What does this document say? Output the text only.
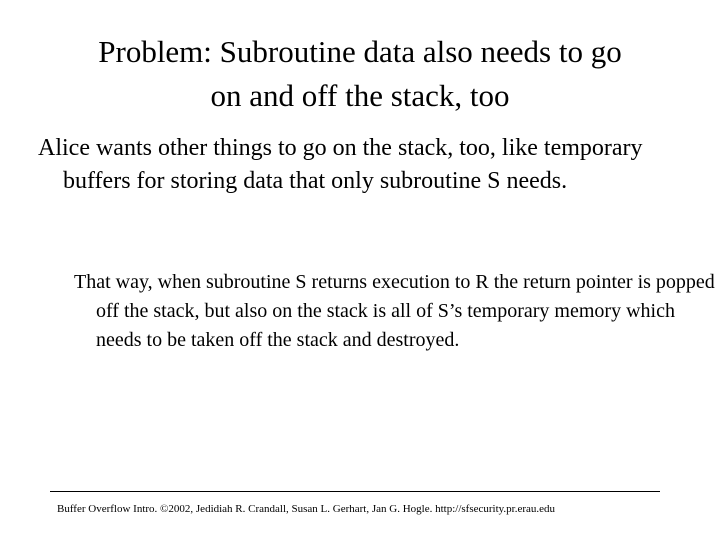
Problem: Subroutine data also needs to go
on and off the stack, too

Alice wants other things to go on the stack, too, like temporary buffers for storing data that only subroutine S needs.

That way, when subroutine S returns execution to R the return pointer is popped off the stack, but also on the stack is all of S’s temporary memory which needs to be taken off the stack and destroyed.

Buffer Overflow Intro. ©2002, Jedidiah R. Crandall, Susan L. Gerhart, Jan G. Hogle. http://sfsecurity.pr.erau.edu
